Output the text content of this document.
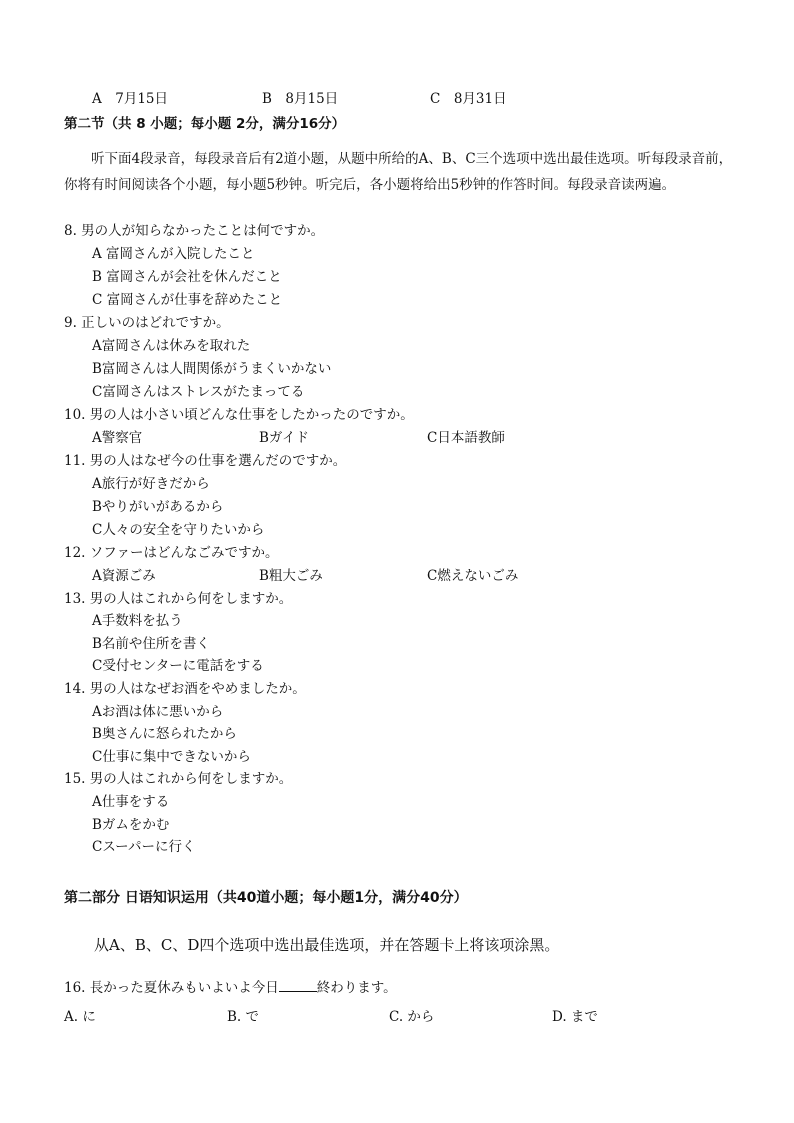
A　7月15日	B　8月15日	C　8月31日
第二节（共 8 小题；每小题 2分，满分16分）
听下面4段录音，每段录音后有2道小题，从题中所给的A、B、C三个选项中选出最佳选项。听每段录音前，你将有时间阅读各个小题，每小题5秒钟。听完后，各小题将给出5秒钟的作答时间。每段录音读两遍。
8. 男の人が知らなかったことは何ですか。
A 富岡さんが入院したこと
B 富岡さんが会社を休んだこと
C 富岡さんが仕事を辞めたこと
9. 正しいのはどれですか。
A富岡さんは休みを取れた
B富岡さんは人間関係がうまくいかない
C富岡さんはストレスがたまってる
10. 男の人は小さい頃どんな仕事をしたかったのですか。
A警察官	Bガイド	C日本語教師
11. 男の人はなぜ今の仕事を選んだのですか。
A旅行が好きだから
Bやりがいがあるから
C人々の安全を守りたいから
12. ソファーはどんなごみですか。
A資源ごみ	B粗大ごみ	C燃えないごみ
13. 男の人はこれから何をしますか。
A手数料を払う
B名前や住所を書く
C受付センターに電話をする
14. 男の人はなぜお酒をやめましたか。
Aお酒は体に悪いから
B奥さんに怒られたから
C仕事に集中できないから
15. 男の人はこれから何をしますか。
A仕事をする
Bガムをかむ
Cスーパーに行く
第二部分 日语知识运用（共40道小题；每小题1分，满分40分）
从A、B、C、D四个选项中选出最佳选项，并在答题卡上将该项涂黑。
16. 長かった夏休みもいよいよ今日	終わります。
A. に	B. で	C. から	D. まで
